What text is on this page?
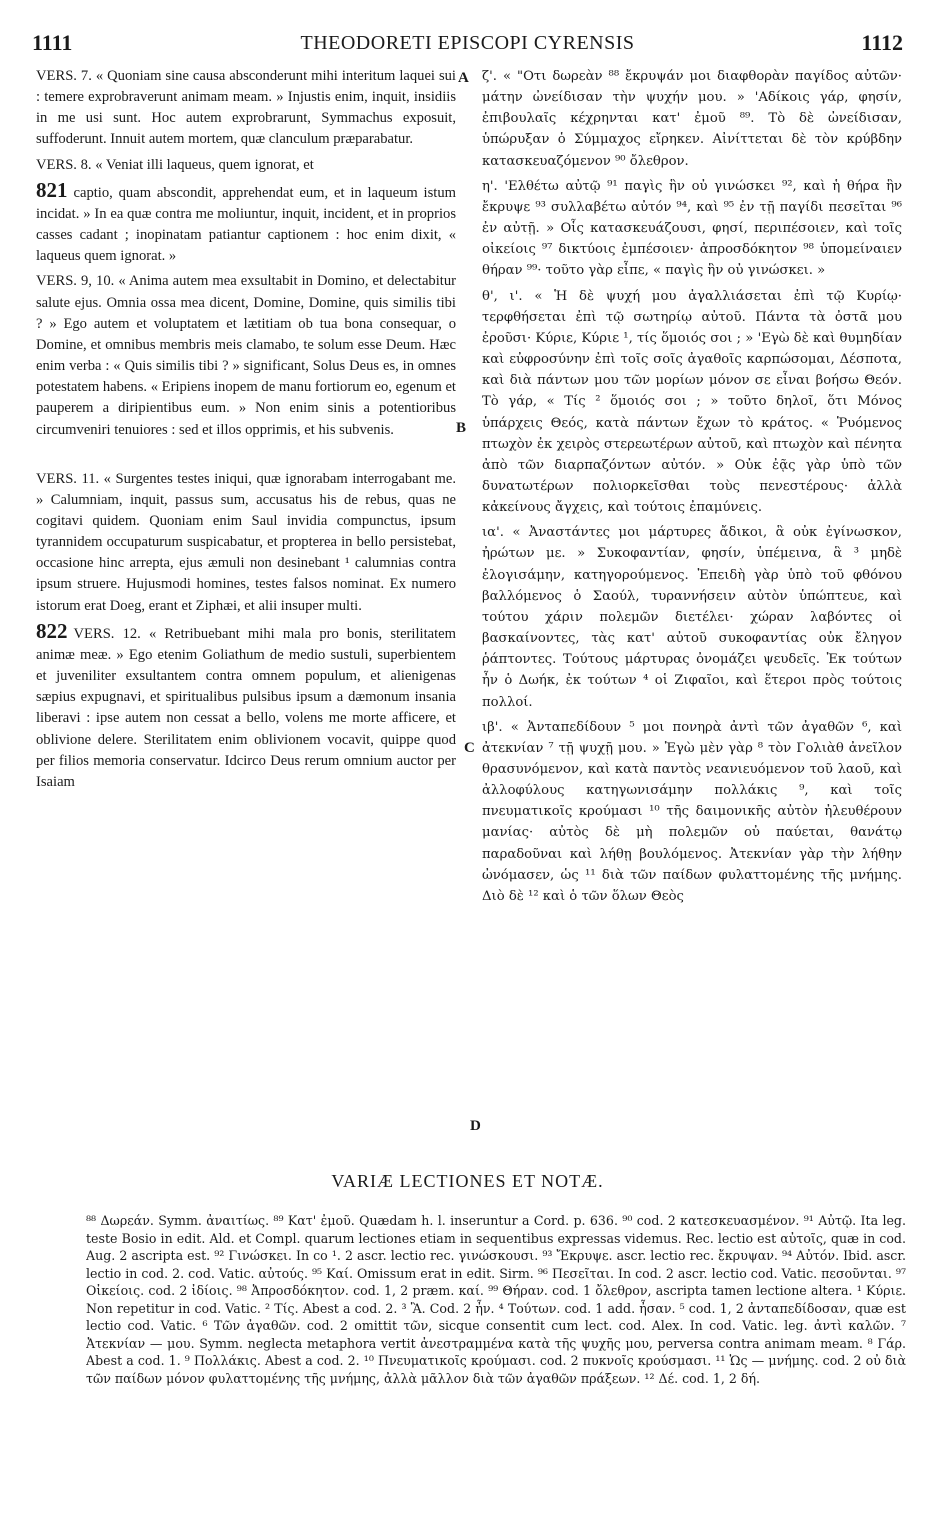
1111	THEODORETI EPISCOPI CYRENSIS	1112

VERS. 7. « Quoniam sine causa absconderunt mihi interitum laquei sui : temere exprobraverunt animam meam. » Injustis enim, inquit, insidiis in me usi sunt. Hoc autem exprobrarunt, Symmachus exposuit, suffoderunt. Innuit autem mortem, quæ clanculum præparabatur.

VERS. 8. « Veniat illi laqueus, quem ignorat, et

821 captio, quam abscondit, apprehendat eum, et in laqueum istum incidat. » In ea quæ contra me moliuntur, inquit, incident, et in proprios casses cadant ; inopinatam patiantur captionem : hoc enim dixit, « laqueus quem ignorat. »

VERS. 9, 10. « Anima autem mea exsultabit in Domino, et delectabitur salute ejus. Omnia ossa mea dicent, Domine, Domine, quis similis tibi ? » Ego autem et voluptatem et lætitiam ob tua bona consequar, o Domine, et omnibus membris meis clamabo, te solum esse Deum. Hæc enim verba : « Quis similis tibi ? » significant, Solus Deus es, in omnes potestatem habens. « Eripiens inopem de manu fortiorum eo, egenum et pauperem a diripientibus eum. » Non enim sinis a potentioribus circumveniri tenuiores : sed et illos opprimis, et his subvenis.

VERS. 11. « Surgentes testes iniqui, quæ ignorabam interrogabant me. » Calumniam, inquit, passus sum, accusatus his de rebus, quas ne cogitavi quidem. Quoniam enim Saul invidia compunctus, ipsum tyrannidem occupaturum suspicabatur, et propterea in bello persistebat, occasione hinc arrepta, ejus æmuli non desinebant ¹ calumnias contra ipsum struere. Hujusmodi homines, testes falsos nominat. Ex numero istorum erat Doeg, erant et Ziphæi, et alii insuper multi.

822 VERS. 12. « Retribuebant mihi mala pro bonis, sterilitatem animæ meæ. » Ego etenim Goliathum de medio sustuli, superbientem et juveniliter exsultantem contra omnem populum, et alienigenas sæpius expugnavi, et spiritualibus pulsibus ipsum a dæmonum insania liberavi : ipse autem non cessat a bello, volens me morte afficere, et oblivione delere. Sterilitatem enim oblivionem vocavit, quippe quod per filios memoria conservatur. Idcirco Deus rerum omnium auctor per Isaiam

A
B
C
D

ζ'. « "Οτι δωρεὰν ⁸⁸ ἔκρυψάν μοι διαφθορὰν παγίδος αὐτῶν· μάτην ὠνείδισαν τὴν ψυχήν μου. » 'Αδίκοις γάρ, φησίν, ἐπιβουλαῖς κέχρηνται κατ' ἐμοῦ ⁸⁹. Τὸ δὲ ὠνείδισαν, ὑπώρυξαν ὁ Σύμμαχος εἴρηκεν. Αἰνίττεται δὲ τὸν κρύβδην κατασκευαζόμενον ⁹⁰ ὄλεθρον.

η'. 'Ελθέτω αὐτῷ ⁹¹ παγὶς ἣν οὐ γινώσκει ⁹², καὶ ἡ θήρα ἣν ἔκρυψε ⁹³ συλλαβέτω αὐτόν ⁹⁴, καὶ ⁹⁵ ἐν τῇ παγίδι πεσεῖται ⁹⁶ ἐν αὐτῇ. » Οἷς κατασκευάζουσι, φησί, περιπέσοιεν, καὶ τοῖς οἰκείοις ⁹⁷ δικτύοις ἐμπέσοιεν· ἀπροσδόκητον ⁹⁸ ὑπομείναιεν θήραν ⁹⁹· τοῦτο γὰρ εἶπε, « παγὶς ἣν οὐ γινώσκει. »

θ', ι'. « Ἡ δὲ ψυχή μου ἀγαλλιάσεται ἐπὶ τῷ Κυρίῳ· τερφθήσεται ἐπὶ τῷ σωτηρίῳ αὐτοῦ. Πάντα τὰ ὀστᾶ μου ἐροῦσι· Κύριε, Κύριε ¹, τίς ὅμοιός σοι ; » 'Εγὼ δὲ καὶ θυμηδίαν καὶ εὐφροσύνην ἐπὶ τοῖς σοῖς ἀγαθοῖς καρπώσομαι, Δέσποτα, καὶ διὰ πάντων μου τῶν μορίων μόνον σε εἶναι βοήσω Θεόν. Τὸ γάρ, « Τίς ² ὅμοιός σοι ; » τοῦτο δηλοῖ, ὅτι Μόνος ὑπάρχεις Θεός, κατὰ πάντων ἔχων τὸ κράτος. « Ῥυόμενος πτωχὸν ἐκ χειρὸς στερεωτέρων αὐτοῦ, καὶ πτωχὸν καὶ πένητα ἀπὸ τῶν διαρπαζόντων αὐτόν. » Οὐκ ἐᾷς γὰρ ὑπὸ τῶν δυνατωτέρων πολιορκεῖσθαι τοὺς πενεστέρους· ἀλλὰ κἀκείνους ἄγχεις, καὶ τούτοις ἐπαμύνεις.

ια'. « Ἀναστάντες μοι μάρτυρες ἄδικοι, ἃ οὐκ ἐγίνωσκον, ἠρώτων με. » Συκοφαντίαν, φησίν, ὑπέμεινα, ἃ ³ μηδὲ ἐλογισάμην, κατηγορούμενος. Ἐπειδὴ γὰρ ὑπὸ τοῦ φθόνου βαλλόμενος ὁ Σαούλ, τυραννήσειν αὐτὸν ὑπώπτευε, καὶ τούτου χάριν πολεμῶν διετέλει· χώραν λαβόντες οἱ βασκαίνοντες, τὰς κατ' αὐτοῦ συκοφαντίας οὐκ ἔληγον ῥάπτοντες. Τούτους μάρτυρας ὀνομάζει ψευδεῖς. Ἐκ τούτων ἦν ὁ Δωήκ, ἐκ τούτων ⁴ οἱ Ζιφαῖοι, καὶ ἕτεροι πρὸς τούτοις πολλοί.

ιβ'. « Ἀνταπεδίδουν ⁵ μοι πονηρὰ ἀντὶ τῶν ἀγαθῶν ⁶, καὶ ἀτεκνίαν ⁷ τῇ ψυχῇ μου. » Ἐγὼ μὲν γὰρ ⁸ τὸν Γολιὰθ ἀνεῖλον θρασυνόμενον, καὶ κατὰ παντὸς νεανιευόμενον τοῦ λαοῦ, καὶ ἀλλοφύλους κατηγωνισάμην πολλάκις ⁹, καὶ τοῖς πνευματικοῖς κρούμασι ¹⁰ τῆς δαιμονικῆς αὐτὸν ἠλευθέρουν μανίας· αὐτὸς δὲ μὴ πολεμῶν οὐ παύεται, θανάτῳ παραδοῦναι καὶ λήθῃ βουλόμενος. Ἀτεκνίαν γὰρ τὴν λήθην ὠνόμασεν, ὡς ¹¹ διὰ τῶν παίδων φυλαττομένης τῆς μνήμης. Διὸ δὲ ¹² καὶ ὁ τῶν ὅλων Θεὸς

VARIÆ LECTIONES ET NOTÆ.

⁸⁸ Δωρεάν. Symm. ἀναιτίως. ⁸⁹ Κατ' ἐμοῦ. Quædam h. l. inseruntur a Cord. p. 636. ⁹⁰ cod. 2 κατεσκευασμένον. ⁹¹ Αὐτῷ. Ita leg. teste Bosio in edit. Ald. et Compl. quarum lectiones etiam in sequentibus expressas videmus. Rec. lectio est αὐτοῖς, quæ in cod. Aug. 2 ascripta est. ⁹² Γινώσκει. In co ¹. 2 ascr. lectio rec. γινώσκουσι. ⁹³ Ἔκρυψε. ascr. lectio rec. ἔκρυψαν. ⁹⁴ Αὐτόν. Ibid. ascr. lectio in cod. 2. cod. Vatic. αὐτούς. ⁹⁵ Καί. Omissum erat in edit. Sirm. ⁹⁶ Πεσεῖται. In cod. 2 ascr. lectio cod. Vatic. πεσοῦνται. ⁹⁷ Οἰκείοις. cod. 2 ἰδίοις. ⁹⁸ Ἀπροσδόκητον. cod. 1, 2 præm. καί. ⁹⁹ Θήραν. cod. 1 ὄλεθρον, ascripta tamen lectione altera. ¹ Κύριε. Non repetitur in cod. Vatic. ² Τίς. Abest a cod. 2. ³ Ἃ. Cod. 2 ἦν. ⁴ Τούτων. cod. 1 add. ἦσαν. ⁵ cod. 1, 2 ἀνταπεδίδοσαν, quæ est lectio cod. Vatic. ⁶ Τῶν ἀγαθῶν. cod. 2 omittit τῶν, sicque consentit cum lect. cod. Alex. In cod. Vatic. leg. ἀντὶ καλῶν. ⁷ Ἀτεκνίαν — μου. Symm. neglecta metaphora vertit ἀνεστραμμένα κατὰ τῆς ψυχῆς μου, perversa contra animam meam. ⁸ Γάρ. Abest a cod. 1. ⁹ Πολλάκις. Abest a cod. 2. ¹⁰ Πνευματικοῖς κρούμασι. cod. 2 πυκνοῖς κρούσμασι. ¹¹ Ὡς — μνήμης. cod. 2 οὐ διὰ τῶν παίδων μόνον φυλαττομένης τῆς μνήμης, ἀλλὰ μᾶλλον διὰ τῶν ἀγαθῶν πράξεων. ¹² Δέ. cod. 1, 2 δή.
